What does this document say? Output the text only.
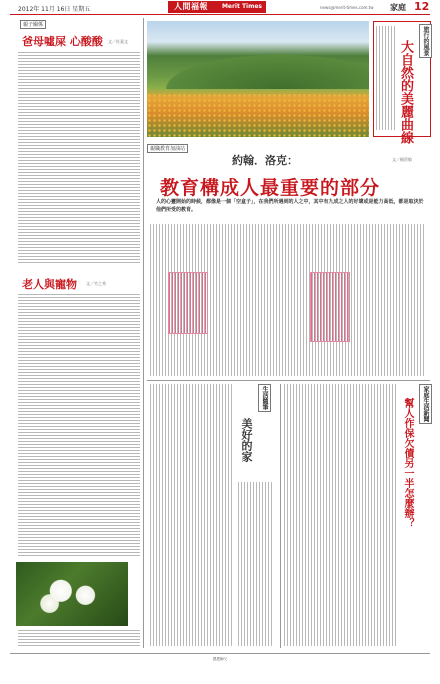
2012年 11月 16日 星期五	人間福報 Merit Times	news@merit-times.com.tw 家庭 12
親子關係
爸母噓屎 心酸酸 文／杜嘉文
老人與寵物 文／竹之秀
旅行的風景
大自然的美麗曲線
親職教育加油站
約翰．洛克：	文／楊蓓敏
教育構成人最重要的部分
人的心靈開始的時候，都像是一個「空盒子」，在我們所遇到的人之中，其中有九成之人的好壞或是能力高低，都是取決於他們所受的教育。
生活隨筆
美好的家
家庭生活新聞
幫人作保欠債另一半怎麼辦？
感恩師父
